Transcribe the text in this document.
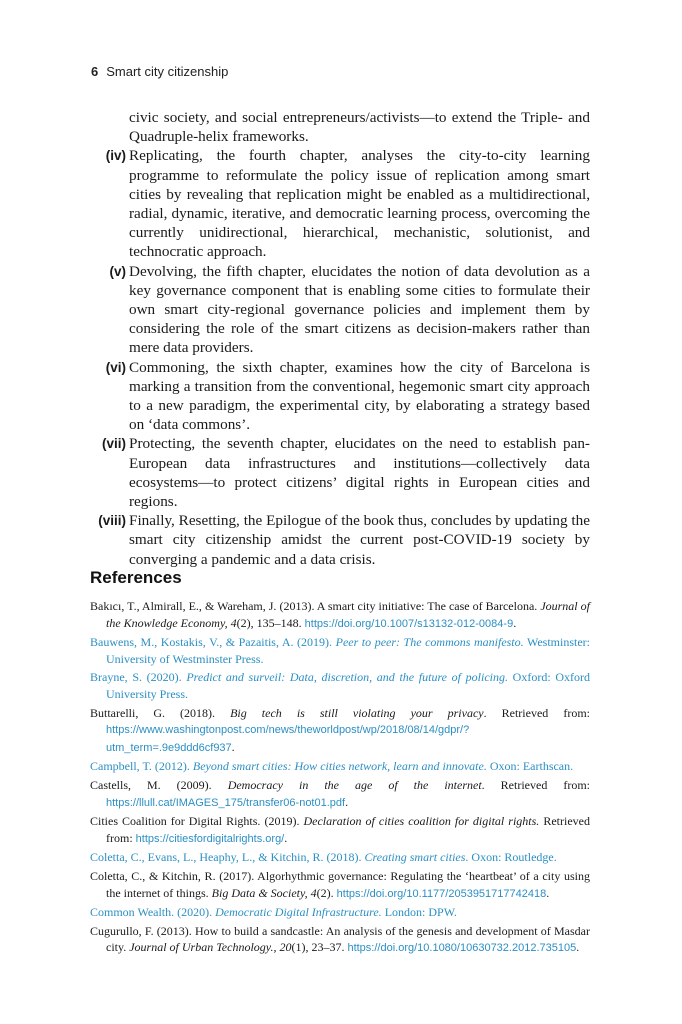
6 Smart city citizenship
civic society, and social entrepreneurs/activists—to extend the Triple- and Quadruple-helix frameworks.
(iv) Replicating, the fourth chapter, analyses the city-to-city learning programme to reformulate the policy issue of replication among smart cities by revealing that replication might be enabled as a multidirectional, radial, dynamic, iterative, and democratic learning process, overcoming the currently unidirectional, hierarchical, mechanistic, solutionist, and technocratic approach.
(v) Devolving, the fifth chapter, elucidates the notion of data devolution as a key governance component that is enabling some cities to formulate their own smart city-regional governance policies and implement them by considering the role of the smart citizens as decision-makers rather than mere data providers.
(vi) Commoning, the sixth chapter, examines how the city of Barcelona is marking a transition from the conventional, hegemonic smart city approach to a new paradigm, the experimental city, by elaborating a strategy based on ‘data commons’.
(vii) Protecting, the seventh chapter, elucidates on the need to establish pan-European data infrastructures and institutions—collectively data ecosystems—to protect citizens’ digital rights in European cities and regions.
(viii) Finally, Resetting, the Epilogue of the book thus, concludes by updating the smart city citizenship amidst the current post-COVID-19 society by converging a pandemic and a data crisis.
References
Bakıcı, T., Almirall, E., & Wareham, J. (2013). A smart city initiative: The case of Barcelona. Journal of the Knowledge Economy, 4(2), 135–148. https://doi.org/10.1007/s13132-012-0084-9.
Bauwens, M., Kostakis, V., & Pazaitis, A. (2019). Peer to peer: The commons manifesto. Westminster: University of Westminster Press.
Brayne, S. (2020). Predict and surveil: Data, discretion, and the future of policing. Oxford: Oxford University Press.
Buttarelli, G. (2018). Big tech is still violating your privacy. Retrieved from: https://www.washingtonpost.com/news/theworldpost/wp/2018/08/14/gdpr/?utm_term=.9e9ddd6cf937.
Campbell, T. (2012). Beyond smart cities: How cities network, learn and innovate. Oxon: Earthscan.
Castells, M. (2009). Democracy in the age of the internet. Retrieved from: https://llull.cat/IMAGES_175/transfer06-not01.pdf.
Cities Coalition for Digital Rights. (2019). Declaration of cities coalition for digital rights. Retrieved from: https://citiesfordigitalrights.org/.
Coletta, C., Evans, L., Heaphy, L., & Kitchin, R. (2018). Creating smart cities. Oxon: Routledge.
Coletta, C., & Kitchin, R. (2017). Algorhythmic governance: Regulating the ‘heartbeat’ of a city using the internet of things. Big Data & Society, 4(2). https://doi.org/10.1177/2053951717742418.
Common Wealth. (2020). Democratic Digital Infrastructure. London: DPW.
Cugurullo, F. (2013). How to build a sandcastle: An analysis of the genesis and development of Masdar city. Journal of Urban Technology., 20(1), 23–37. https://doi.org/10.1080/10630732.2012.735105.
